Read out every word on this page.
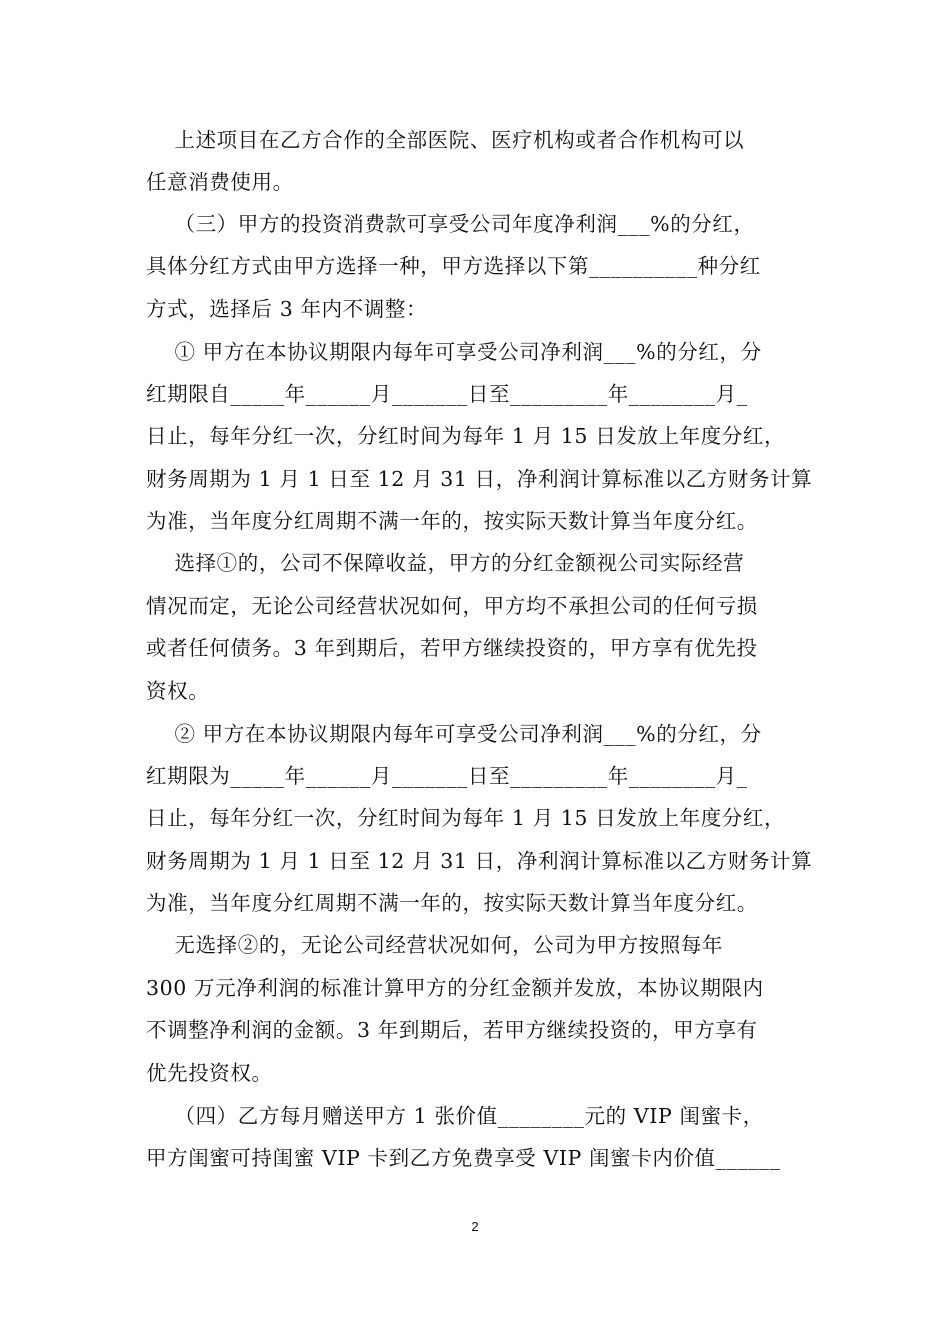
上述项目在乙方合作的全部医院、医疗机构或者合作机构可以
任意消费使用。
（三）甲方的投资消费款可享受公司年度净利润___%的分红，
具体分红方式由甲方选择一种，甲方选择以下第__________种分红
方式，选择后 3 年内不调整：
① 甲方在本协议期限内每年可享受公司净利润___%的分红，分
红期限自_____年______月_______日至_________年________月_
日止，每年分红一次，分红时间为每年 1 月 15 日发放上年度分红，
财务周期为 1 月 1 日至 12 月 31 日，净利润计算标准以乙方财务计算
为准，当年度分红周期不满一年的，按实际天数计算当年度分红。
选择①的，公司不保障收益，甲方的分红金额视公司实际经营
情况而定，无论公司经营状况如何，甲方均不承担公司的任何亏损
或者任何债务。3 年到期后，若甲方继续投资的，甲方享有优先投
资权。
② 甲方在本协议期限内每年可享受公司净利润___%的分红，分
红期限为_____年______月_______日至_________年________月_
日止，每年分红一次，分红时间为每年 1 月 15 日发放上年度分红，
财务周期为 1 月 1 日至 12 月 31 日，净利润计算标准以乙方财务计算
为准，当年度分红周期不满一年的，按实际天数计算当年度分红。
无选择②的，无论公司经营状况如何，公司为甲方按照每年
300 万元净利润的标准计算甲方的分红金额并发放，本协议期限内
不调整净利润的金额。3 年到期后，若甲方继续投资的，甲方享有
优先投资权。
（四）乙方每月赠送甲方 1 张价值________元的 VIP 闺蜜卡，
甲方闺蜜可持闺蜜 VIP 卡到乙方免费享受 VIP 闺蜜卡内价值______
2
